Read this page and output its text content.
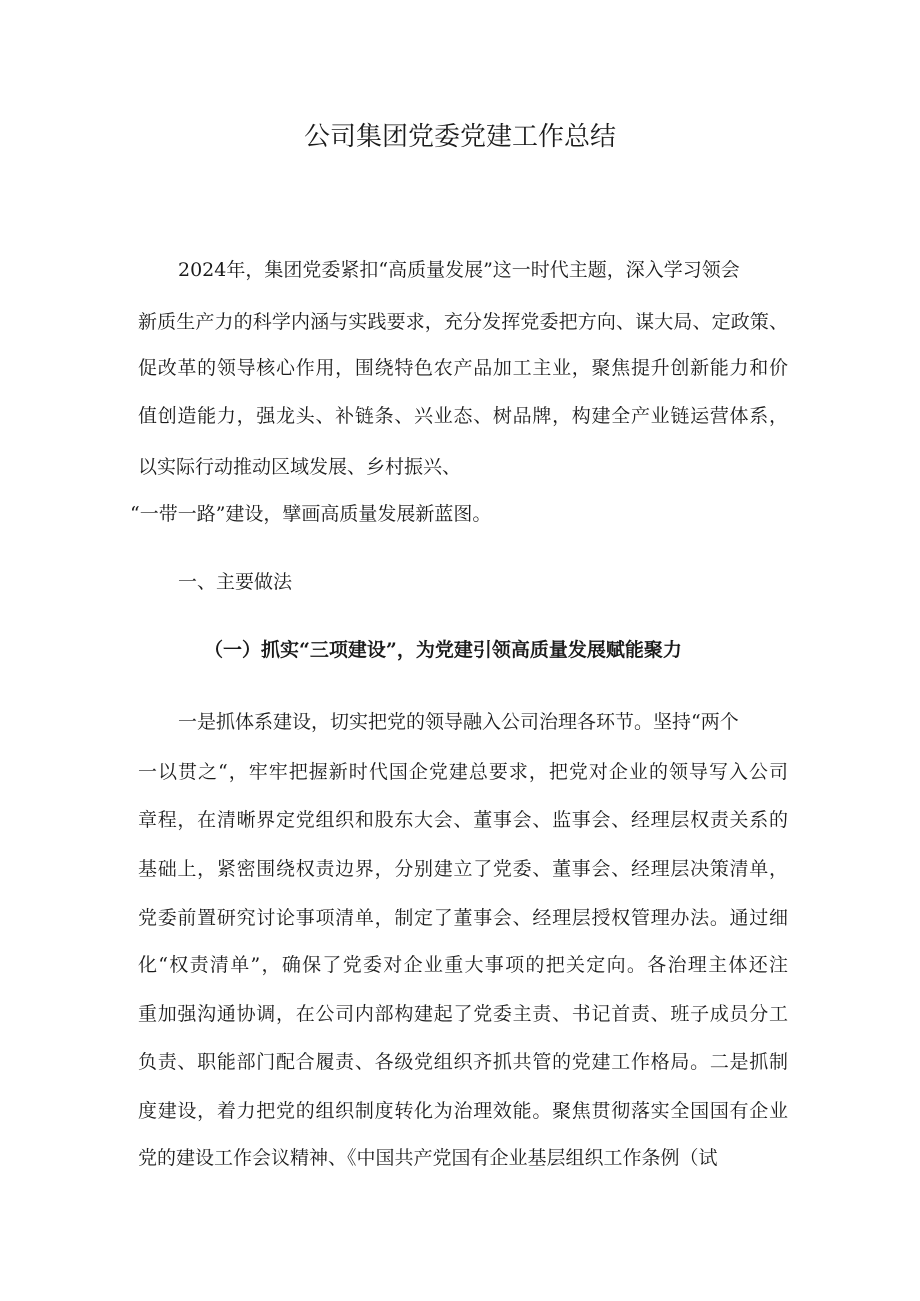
公司集团党委党建工作总结

2024年，集团党委紧扣“高质量发展”这一时代主题，深入学习领会

新质生产力的科学内涵与实践要求，充分发挥党委把方向、谋大局、定政策、

促改革的领导核心作用，围绕特色农产品加工主业，聚焦提升创新能力和价

值创造能力，强龙头、补链条、兴业态、树品牌，构建全产业链运营体系，

以实际行动推动区域发展、乡村振兴、

“一带一路”建设，擘画高质量发展新蓝图。

一、主要做法
（一）抓实“三项建设”，为党建引领高质量发展赋能聚力

一是抓体系建设，切实把党的领导融入公司治理各环节。坚持“两个

一以贯之“，牢牢把握新时代国企党建总要求，把党对企业的领导写入公司

章程，在清晰界定党组织和股东大会、董事会、监事会、经理层权责关系的

基础上，紧密围绕权责边界，分别建立了党委、董事会、经理层决策清单，

党委前置研究讨论事项清单，制定了董事会、经理层授权管理办法。通过细

化“权责清单”，确保了党委对企业重大事项的把关定向。各治理主体还注

重加强沟通协调，在公司内部构建起了党委主责、书记首责、班子成员分工

负责、职能部门配合履责、各级党组织齐抓共管的党建工作格局。二是抓制

度建设，着力把党的组织制度转化为治理效能。聚焦贯彻落实全国国有企业

党的建设工作会议精神、《中国共产党国有企业基层组织工作条例（试
